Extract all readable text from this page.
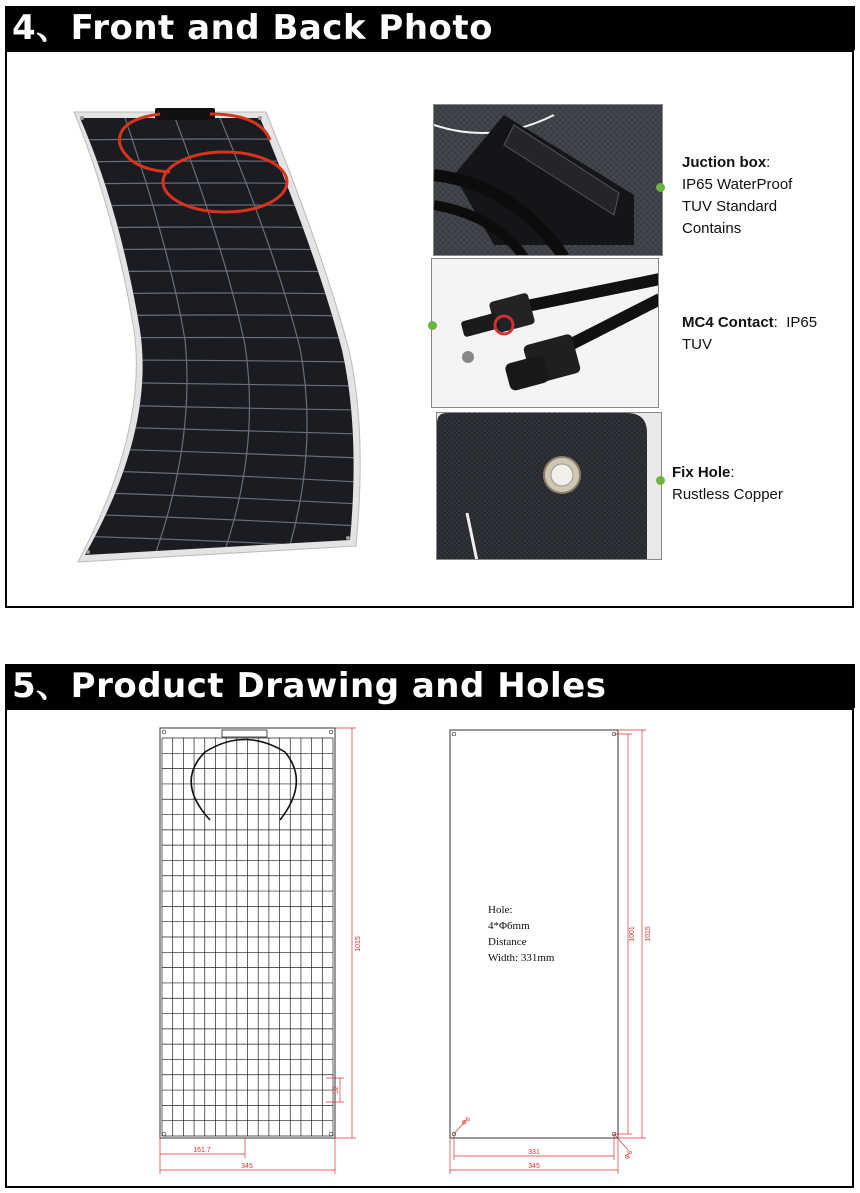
4、Front and Back Photo
Juction box:
IP65 WaterProof
TUV Standard
Contains
MC4 Contact: IP65
TUV
Fix Hole:
Rustless Copper
5、Product Drawing and Holes
1015
345
161.7
52
1015
1001
345
331
Φ6
Φ6
Hole:
4*Φ6mm
Distance
Width: 331mm
